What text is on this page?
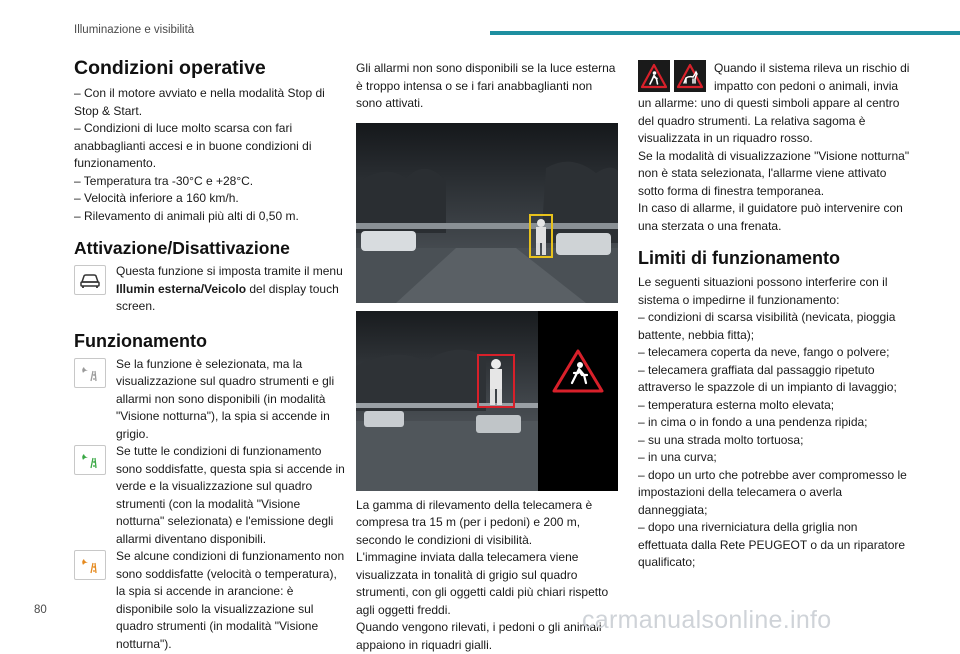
Illuminazione e visibilità
Condizioni operative

– Con il motore avviato e nella modalità Stop di Stop & Start.

– Condizioni di luce molto scarsa con fari anabbaglianti accesi e in buone condizioni di funzionamento.

– Temperatura tra -30°C e +28°C.

– Velocità inferiore a 160 km/h.

– Rilevamento di animali più alti di 0,50 m.

Attivazione/Disattivazione

Questa funzione si imposta tramite il menu Illumin esterna/Veicolo del display touch screen.

Funzionamento

Se la funzione è selezionata, ma la visualizzazione sul quadro strumenti e gli allarmi non sono disponibili (in modalità "Visione notturna"), la spia si accende in grigio.

Se tutte le condizioni di funzionamento sono soddisfatte, questa spia si accende in verde e la visualizzazione sul quadro strumenti (con la modalità "Visione notturna" selezionata) e l'emissione degli allarmi diventano disponibili.

Se alcune condizioni di funzionamento non sono soddisfatte (velocità o temperatura), la spia si accende in arancione: è disponibile solo la visualizzazione sul quadro strumenti (in modalità "Visione notturna").

Gli allarmi non sono disponibili se la luce esterna è troppo intensa o se i fari anabbaglianti non sono attivati.

La gamma di rilevamento della telecamera è compresa tra 15 m (per i pedoni) e 200 m, secondo le condizioni di visibilità.

L'immagine inviata dalla telecamera viene visualizzata in tonalità di grigio sul quadro strumenti, con gli oggetti caldi più chiari rispetto agli oggetti freddi.

Quando vengono rilevati, i pedoni o gli animali appaiono in riquadri gialli.

Quando il sistema rileva un rischio di impatto con pedoni o animali, invia un allarme: uno di questi simboli appare al centro del quadro strumenti. La relativa sagoma è visualizzata in un riquadro rosso.

Se la modalità di visualizzazione "Visione notturna" non è stata selezionata, l'allarme viene attivato sotto forma di finestra temporanea.

In caso di allarme, il guidatore può intervenire con una sterzata o una frenata.

Limiti di funzionamento

Le seguenti situazioni possono interferire con il sistema o impedirne il funzionamento:

– condizioni di scarsa visibilità (nevicata, pioggia battente, nebbia fitta);

– telecamera coperta da neve, fango o polvere;

– telecamera graffiata dal passaggio ripetuto attraverso le spazzole di un impianto di lavaggio;

– temperatura esterna molto elevata;

– in cima o in fondo a una pendenza ripida;

– su una strada molto tortuosa;

– in una curva;

– dopo un urto che potrebbe aver compromesso le impostazioni della telecamera o averla danneggiata;

– dopo una riverniciatura della griglia non effettuata dalla Rete PEUGEOT o da un riparatore qualificato;

80	carmanualsonline.info
